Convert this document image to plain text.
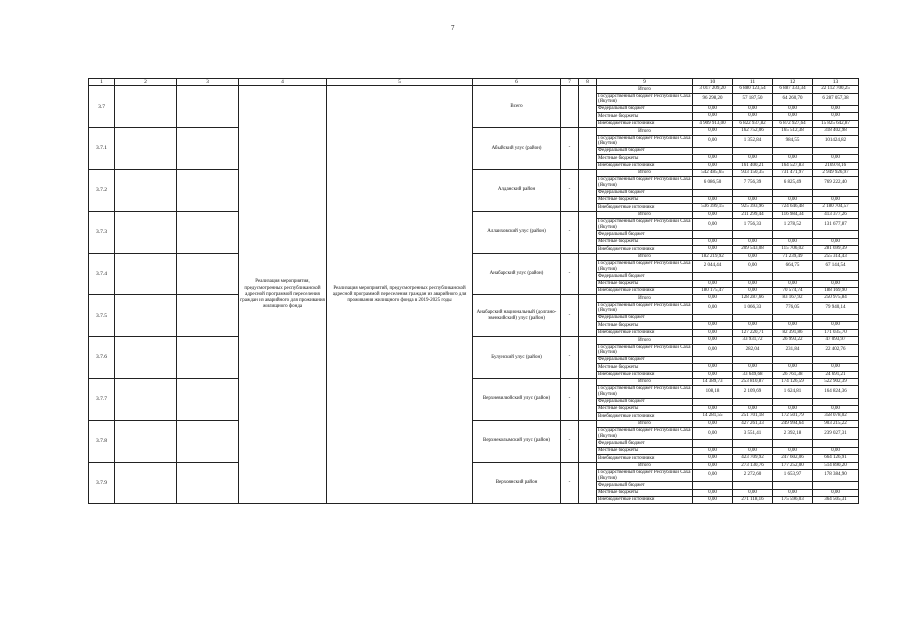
7
1	2	3	4	5	6	7	8	9	10	11	12	13
3.7			Реализация мероприятия, предусмотренных республиканской адресной программой переселения граждан из аварийного для проживания жилищного фонда	Реализация мероприятий, предусмотренных республиканской адресной программой переселения граждан из аварийного для проживания жилищного фонда в 2019-2025 годы	Всего			Итого	3 017 209,20	6 880 123,54	6 887 333,34	22 112 700,25
								Государственный бюджет Республики Саха (Якутия)	96 298,20	57 187,50	64 260,70	6 287 057,38
								Федеральный бюджет	0,00	0,00	0,00	0,00
								Местные бюджеты	0,00	0,00	0,00	0,00
								Внебюджетные источники	4 909 913,00	6 822 937,82	6 872 927,64	15 825 642,87
3.7.1					Абыйский улус (район)	-		Итого	0,00	162 752,06	165 512,38	318 402,98
								Государственный бюджет Республики Саха (Якутия)	0,00	1 352,84	984,55	101424,82
								Федеральный бюджет				
								Местные бюджеты	0,00	0,00	0,00	0,00
								Внебюджетные источники	0,00	161 400,21	164 527,83	216978,16
3.7.2					Алданский район	-		Итого	542 485,65	933 150,35	731 471,97	2 949 926,97
								Государственный бюджет Республики Саха (Якутия)	6 086,50	7 756,39	6 825,49	769 222,40
								Федеральный бюджет				
								Местные бюджеты	0,00	0,00	0,00	0,00
								Внебюджетные источники	536 399,15	925 393,96	724 646,48	2 180 704,57
3.7.3					Аллаиховский улус (район)	-		Итого	0,00	211 299,44	116 984,34	413 377,26
								Государственный бюджет Республики Саха (Якутия)	0,00	1 756,33	1 278,52	131 677,87
								Федеральный бюджет				
								Местные бюджеты	0,00	0,00	0,00	0,00
								Внебюджетные источники	0,00	209 543,08	115 706,02	281 699,39
3.7.4					Анабарский улус (район)	-		Итого	182 219,92	0,00	71 239,49	255 314,43
								Государственный бюджет Республики Саха (Якутия)	2 044,44	0,00	664,75	67 144,54
								Федеральный бюджет				
								Местные бюджеты	0,00	0,00	0,00	0,00
								Внебюджетные источники	180 175,47	0,00	70 574,74	188 169,90
3.7.5					Анабарский национальный (долгано-эвенкийский) улус (район)	-		Итого	0,00	128 287,66	83 167,92	250 975,84
								Государственный бюджет Республики Саха (Якутия)	0,00	1 066,33	776,05	79 940,14
								Федеральный бюджет				
								Местные бюджеты	0,00	0,00	0,00	0,00
								Внебюджетные источники	0,00	127 220,71	82 391,86	171 035,70
3.7.6					Булунский улус (район)	-		Итого	0,00	33 931,72	26 993,22	47 093,97
								Государственный бюджет Республики Саха (Якутия)	0,00	282,04	231,84	22 402,76
								Федеральный бюджет				
								Местные бюджеты	0,00	0,00	0,00	0,00
								Внебюджетные источники	0,00	33 649,68	26 761,38	24 691,21
3.7.7					Верхневилюйский улус (район)	-		Итого	14 389,73	253 810,87	174 126,59	522 902,39
								Государственный бюджет Республики Саха (Якутия)	108,18	2 109,69	1 624,81	164 824,36
								Федеральный бюджет				
								Местные бюджеты	0,00	0,00	0,00	0,00
								Внебюджетные источники	14 281,55	251 701,18	172 501,79	358 078,02
3.7.8					Верхнеколымский улус (район)	-		Итого	0,00	427 261,33	249 994,64	903 215,22
								Государственный бюджет Республики Саха (Якутия)	0,00	3 551,41	2 392,18	239 027,31
								Федеральный бюджет				
								Местные бюджеты	0,00	0,00	0,00	0,00
								Внебюджетные источники	0,00	423 709,92	247 602,06	664 126,91
3.7.9					Верхоянский район	-		Итого	0,00	273 130,76	177 252,00	514 890,20
								Государственный бюджет Республики Саха (Якутия)	0,00	2 272,60	1 653,97	178 384,90
								Федеральный бюджет				
								Местные бюджеты	0,00	0,00	0,00	0,00
								Внебюджетные источники	0,00	271 118,16	175 596,03	364 505,31
